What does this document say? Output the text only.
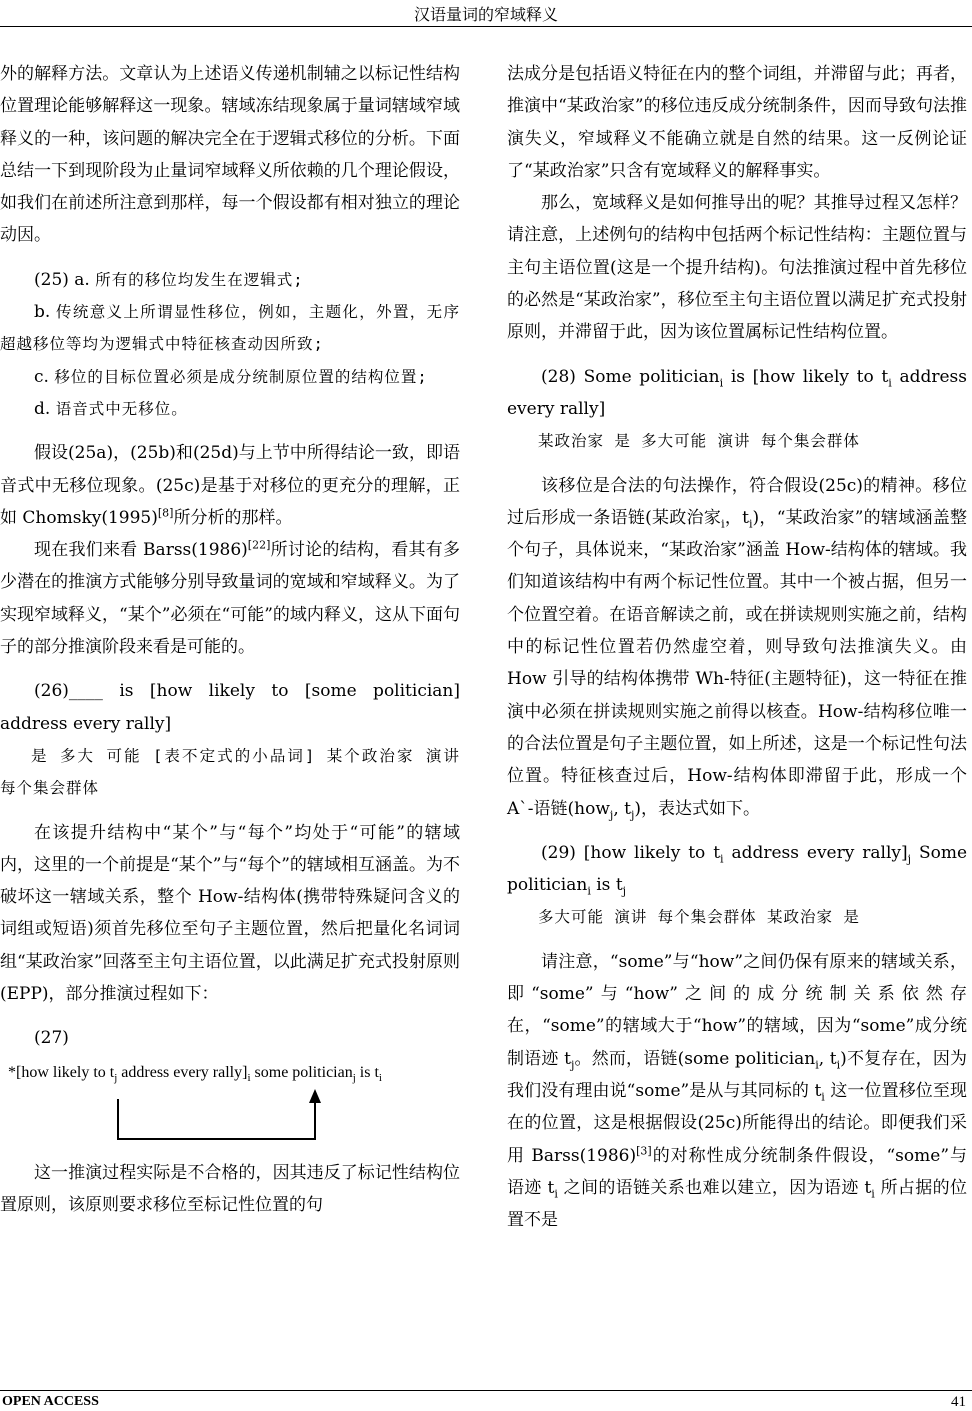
汉语量词的窄域释义

外的解释方法。文章认为上述语义传递机制辅之以标记性结构位置理论能够解释这一现象。辖域冻结现象属于量词辖域窄域释义的一种，该问题的解决完全在于逻辑式移位的分析。下面总结一下到现阶段为止量词窄域释义所依赖的几个理论假设，如我们在前述所注意到那样，每一个假设都有相对独立的理论动因。

(25) a. 所有的移位均发生在逻辑式;

b. 传统意义上所谓显性移位，例如，主题化，外置，无序超越移位等均为逻辑式中特征核查动因所致;

c. 移位的目标位置必须是成分统制原位置的结构位置;

d. 语音式中无移位。

假设(25a)，(25b)和(25d)与上节中所得结论一致，即语音式中无移位现象。(25c)是基于对移位的更充分的理解，正如 Chomsky(1995)[8]所分析的那样。

现在我们来看 Barss(1986)[22]所讨论的结构，看其有多少潜在的推演方式能够分别导致量词的宽域和窄域释义。为了实现窄域释义，“某个”必须在“可能”的域内释义，这从下面句子的部分推演阶段来看是可能的。

(26)____ is [how likely to [some politician] address every rally]

是 多大 可能 [表不定式的小品词] 某个政治家 演讲 每个集会群体

在该提升结构中“某个”与“每个”均处于“可能”的辖域内，这里的一个前提是“某个”与“每个”的辖域相互涵盖。为不破坏这一辖域关系，整个 How-结构体(携带特殊疑问含义的词组或短语)须首先移位至句子主题位置，然后把量化名词词组“某政治家”回落至主句主语位置，以此满足扩充式投射原则(EPP)，部分推演过程如下：

(27)

*[how likely to $t_j$ address every $rally]_i$ some politician$_j$ is $t_i$

这一推演过程实际是不合格的，因其违反了标记性结构位置原则，该原则要求移位至标记性位置的句

法成分是包括语义特征在内的整个词组，并滞留与此；再者，推演中“某政治家”的移位违反成分统制条件，因而导致句法推演失义，窄域释义不能确立就是自然的结果。这一反例论证了“某政治家”只含有宽域释义的解释事实。

那么，宽域释义是如何推导出的呢？其推导过程又怎样？请注意，上述例句的结构中包括两个标记性结构：主题位置与主句主语位置(这是一个提升结构)。句法推演过程中首先移位的必然是“某政治家”，移位至主句主语位置以满足扩充式投射原则，并滞留于此，因为该位置属标记性结构位置。

(28) Some politician$_i$ is [how likely to $t_i$ address every rally]

某政治家 是 多大可能 演讲 每个集会群体

该移位是合法的句法操作，符合假设(25c)的精神。移位过后形成一条语链(某政治家$_i$，$t_i$)，“某政治家”的辖域涵盖整个句子，具体说来，“某政治家”涵盖 How-结构体的辖域。我们知道该结构中有两个标记性位置。其中一个被占据，但另一个位置空着。在语音解读之前，或在拼读规则实施之前，结构中的标记性位置若仍然虚空着，则导致句法推演失义。由 How 引导的结构体携带 Wh-特征(主题特征)，这一特征在推演中必须在拼读规则实施之前得以核查。How-结构移位唯一的合法位置是句子主题位置，如上所述，这是一个标记性句法位置。特征核查过后，How-结构体即滞留于此，形成一个 A`-语链(how$_j$, $t_j$)，表达式如下。

(29) [how likely to $t_i$ address every $rally]_j$ Some politician$_i$ is $t_j$

多大可能 演讲 每个集会群体 某政治家 是

请注意，“some”与“how”之间仍保有原来的辖域关系，即“some”与“how”之间的成分统制关系依然存在，“some”的辖域大于“how”的辖域，因为“some”成分统制语迹 $t_j$。然而，语链(some politician$_i$, $t_i$)不复存在，因为我们没有理由说“some”是从与其同标的 $t_i$ 这一位置移位至现在的位置，这是根据假设(25c)所能得出的结论。即便我们采用 Barss(1986)[3]的对称性成分统制条件假设，“some”与语迹 $t_i$ 之间的语链关系也难以建立，因为语迹 $t_i$ 所占据的位置不是

OPEN ACCESS	41
